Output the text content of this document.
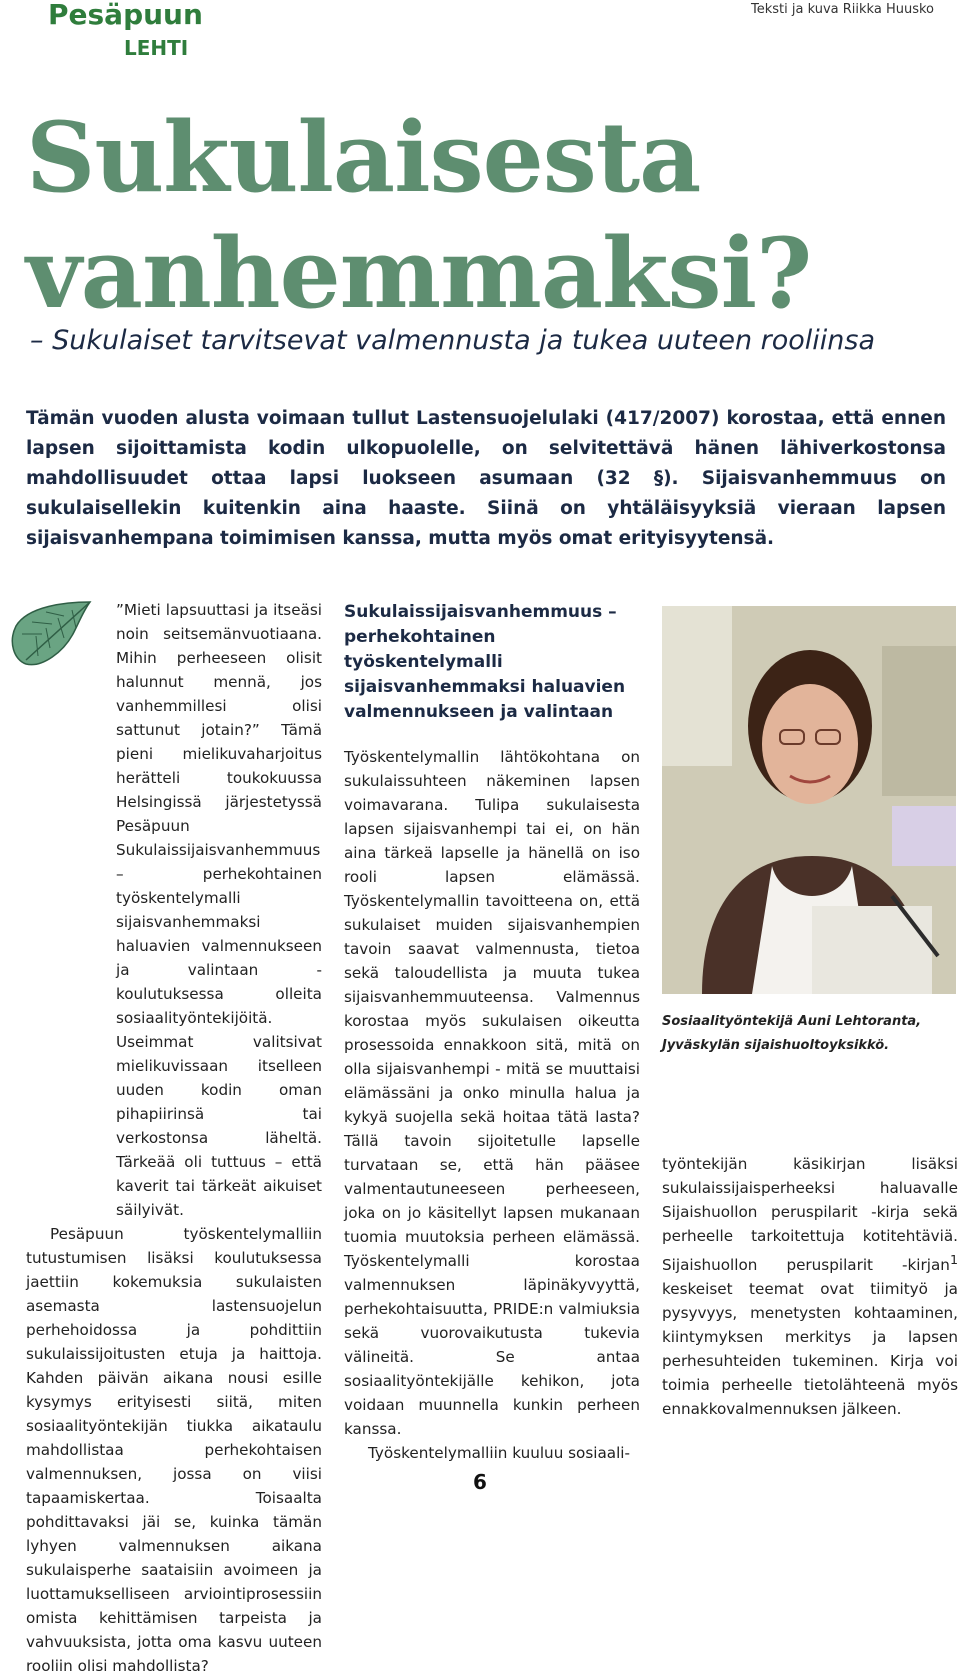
Pesäpuun
LEHTI
Teksti ja kuva Riikka Huusko
Sukulaisesta vanhemmaksi?
– Sukulaiset tarvitsevat valmennusta ja tukea uuteen rooliinsa
Tämän vuoden alusta voimaan tullut Lastensuojelulaki (417/2007) korostaa, että ennen lapsen sijoittamista kodin ulkopuolelle, on selvitettävä hänen lähiverkostonsa mahdollisuudet ottaa lapsi luokseen asumaan (32 §). Sijaisvanhemmuus on sukulaisellekin kuitenkin aina haaste. Siinä on yhtäläisyyksiä vieraan lapsen sijaisvanhempana toimimisen kanssa, mutta myös omat erityisyytensä.

”Mieti lapsuuttasi ja itseäsi noin seitsemänvuotiaana. Mihin perheeseen olisit halunnut mennä, jos vanhemmillesi olisi sattunut jotain?” Tämä pieni mielikuvaharjoitus herätteli toukokuussa Helsingissä järjestetyssä Pesäpuun Sukulaissijaisvanhemmuus – perhekohtainen työskentelymalli sijaisvanhemmaksi haluavien valmennukseen ja valintaan -koulutuksessa olleita sosiaalityöntekijöitä. Useimmat valitsivat mielikuvissaan itselleen uuden kodin oman pihapiirinsä tai verkostonsa läheltä. Tärkeää oli tuttuus – että kaverit tai tärkeät aikuiset säilyivät.

Pesäpuun työskentelymalliin tutustumisen lisäksi koulutuksessa jaettiin kokemuksia sukulaisten asemasta lastensuojelun perhehoidossa ja pohdittiin sukulaissijoitusten etuja ja haittoja. Kahden päivän aikana nousi esille kysymys erityisesti siitä, miten sosiaalityöntekijän tiukka aikataulu mahdollistaa perhekohtaisen valmennuksen, jossa on viisi tapaamiskertaa. Toisaalta pohdittavaksi jäi se, kuinka tämän lyhyen valmennuksen aikana sukulaisperhe saataisiin avoimeen ja luottamukselliseen arviointiprosessiin omista kehittämisen tarpeista ja vahvuuksista, jotta oma kasvu uuteen rooliin olisi mahdollista?

Sukulaissijaisvanhemmuus – perhekohtainen työskentelymalli sijaisvanhemmaksi haluavien valmennukseen ja valintaan

Työskentelymallin lähtökohtana on sukulaissuhteen näkeminen lapsen voimavarana. Tulipa sukulaisesta lapsen sijaisvanhempi tai ei, on hän aina tärkeä lapselle ja hänellä on iso rooli lapsen elämässä. Työskentelymallin tavoitteena on, että sukulaiset muiden sijaisvanhempien tavoin saavat valmennusta, tietoa sekä taloudellista ja muuta tukea sijaisvanhemmuuteensa. Valmennus korostaa myös sukulaisen oikeutta prosessoida ennakkoon sitä, mitä on olla sijaisvanhempi - mitä se muuttaisi elämässäni ja onko minulla halua ja kykyä suojella sekä hoitaa tätä lasta? Tällä tavoin sijoitetulle lapselle turvataan se, että hän pääsee valmentautuneeseen perheeseen, joka on jo käsitellyt lapsen mukanaan tuomia muutoksia perheen elämässä. Työskentelymalli korostaa valmennuksen läpinäkyvyyttä, perhekohtaisuutta, PRIDE:n valmiuksia sekä vuorovaikutusta tukevia välineitä. Se antaa sosiaalityöntekijälle kehikon, jota voidaan muunnella kunkin perheen kanssa.

Työskentelymalliin kuuluu sosiaali-

Sosiaalityöntekijä Auni Lehtoranta, Jyväskylän sijaishuoltoyksikkö.

työntekijän käsikirjan lisäksi sukulaissijaisperheeksi haluavalle Sijaishuollon peruspilarit -kirja sekä perheelle tarkoitettuja kotitehtäviä. Sijaishuollon peruspilarit -kirjan$^1$ keskeiset teemat ovat tiimityö ja pysyvyys, menetysten kohtaaminen, kiintymyksen merkitys ja lapsen perhesuhteiden tukeminen. Kirja voi toimia perheelle tietolähteenä myös ennakkovalmennuksen jälkeen.

6
